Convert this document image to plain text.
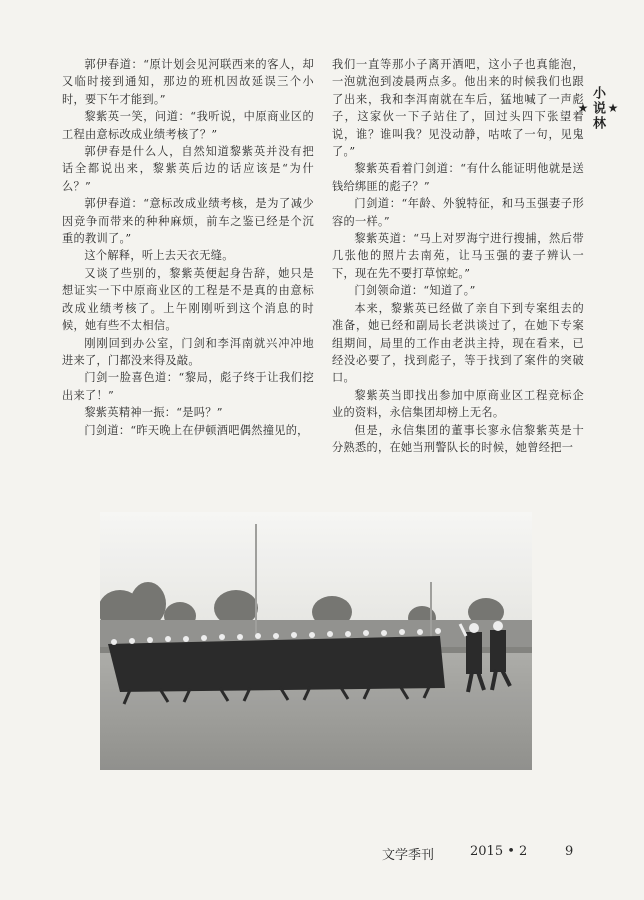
郭伊春道：“原计划会见河联西来的客人，却又临时接到通知，那边的班机因故延误三个小时，要下午才能到。”

黎紫英一笑，问道：“我听说，中原商业区的工程由意标改成业绩考核了？”

郭伊春是什么人，自然知道黎紫英并没有把话全都说出来，黎紫英后边的话应该是“为什么？”

郭伊春道：“意标改成业绩考核，是为了减少因竞争而带来的种种麻烦，前车之鉴已经是个沉重的教训了。”

这个解释，听上去天衣无缝。

又谈了些别的，黎紫英便起身告辞，她只是想证实一下中原商业区的工程是不是真的由意标改成业绩考核了。上午刚刚听到这个消息的时候，她有些不太相信。

刚刚回到办公室，门剑和李洱南就兴冲冲地进来了，门都没来得及敲。

门剑一脸喜色道：“黎局，彪子终于让我们挖出来了！”

黎紫英精神一振：“是吗？”

门剑道：“昨天晚上在伊顿酒吧偶然撞见的，

我们一直等那小子离开酒吧，这小子也真能泡，一泡就泡到凌晨两点多。他出来的时候我们也跟了出来，我和李洱南就在车后，猛地喊了一声彪子，这家伙一下子站住了，回过头四下张望着说，谁？谁叫我？见没动静，咕哝了一句，见鬼了。”

黎紫英看着门剑道：“有什么能证明他就是送钱给绑匪的彪子？”

门剑道：“年龄、外貌特征，和马玉强妻子形容的一样。”

黎紫英道：“马上对罗海宁进行搜捕，然后带几张他的照片去南苑，让马玉强的妻子辨认一下，现在先不要打草惊蛇。”

门剑领命道：“知道了。”

本来，黎紫英已经做了亲自下到专案组去的准备，她已经和副局长老洪谈过了，在她下专案组期间，局里的工作由老洪主持，现在看来，已经没必要了，找到彪子，等于找到了案件的突破口。

黎紫英当即找出参加中原商业区工程竞标企业的资料，永信集团却榜上无名。

但是，永信集团的董事长寥永信黎紫英是十分熟悉的，在她当刑警队长的时候，她曾经把一

★
小说林
★
文学季刊	2015 • 2	9
